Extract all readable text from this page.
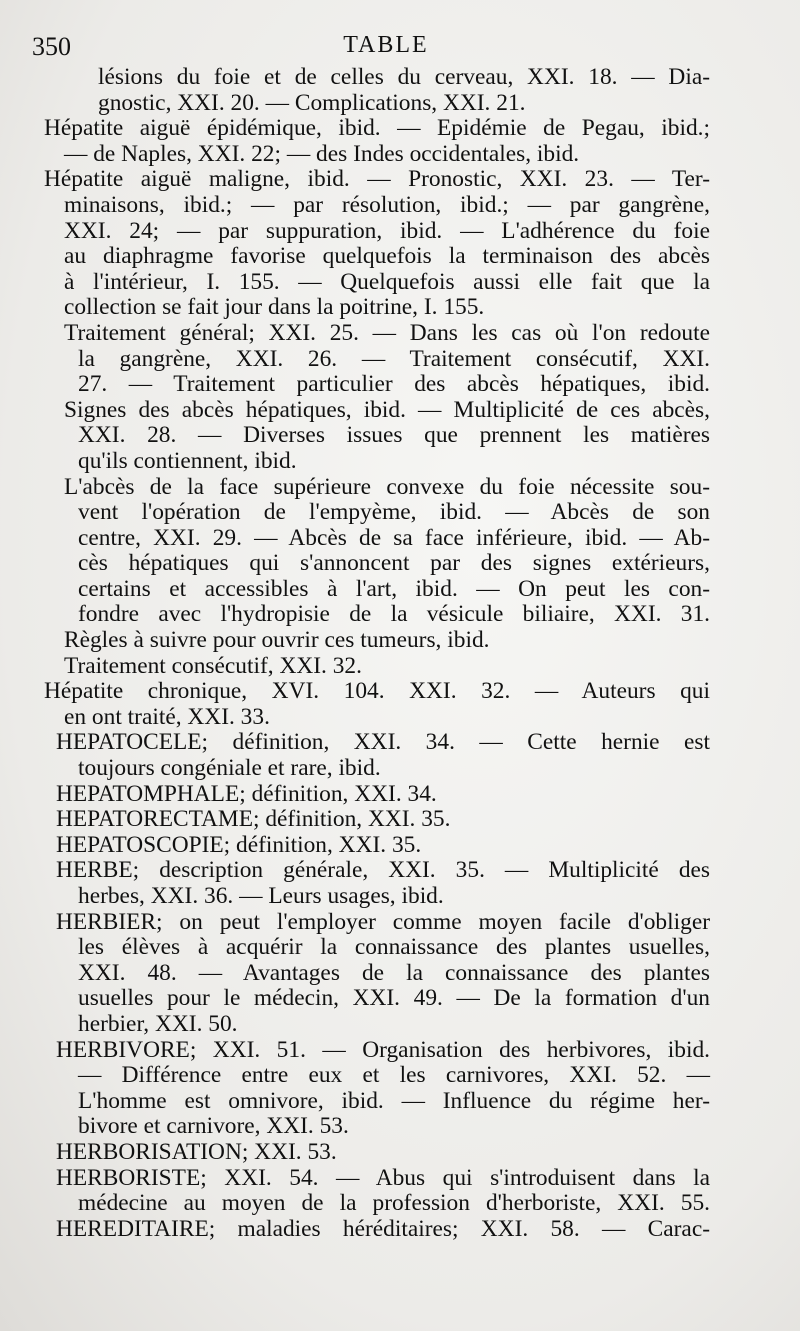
350	TABLE
lésions du foie et de celles du cerveau, XXI. 18. — Dia-
gnostic, XXI. 20. — Complications, XXI. 21.
Hépatite aiguë épidémique, ibid. — Epidémie de Pegau, ibid.;
— de Naples, XXI. 22; — des Indes occidentales, ibid.
Hépatite aiguë maligne, ibid. — Pronostic, XXI. 23. — Ter-
minaisons, ibid.; — par résolution, ibid.; — par gangrène,
XXI. 24; — par suppuration, ibid. — L'adhérence du foie
au diaphragme favorise quelquefois la terminaison des abcès
à l'intérieur, I. 155. — Quelquefois aussi elle fait que la
collection se fait jour dans la poitrine, I. 155.
Traitement général; XXI. 25. — Dans les cas où l'on redoute
la gangrène, XXI. 26. — Traitement consécutif, XXI.
27. — Traitement particulier des abcès hépatiques, ibid.
Signes des abcès hépatiques, ibid. — Multiplicité de ces abcès,
XXI. 28. — Diverses issues que prennent les matières
qu'ils contiennent, ibid.
L'abcès de la face supérieure convexe du foie nécessite sou-
vent l'opération de l'empyème, ibid. — Abcès de son
centre, XXI. 29. — Abcès de sa face inférieure, ibid. — Ab-
cès hépatiques qui s'annoncent par des signes extérieurs,
certains et accessibles à l'art, ibid. — On peut les con-
fondre avec l'hydropisie de la vésicule biliaire, XXI. 31.
Règles à suivre pour ouvrir ces tumeurs, ibid.
Traitement consécutif, XXI. 32.
Hépatite chronique, XVI. 104. XXI. 32. — Auteurs qui
en ont traité, XXI. 33.
HEPATOCELE; définition, XXI. 34. — Cette hernie est
toujours congéniale et rare, ibid.
HEPATOMPHALE; définition, XXI. 34.
HEPATORECTAME; définition, XXI. 35.
HEPATOSCOPIE; définition, XXI. 35.
HERBE; description générale, XXI. 35. — Multiplicité des
herbes, XXI. 36. — Leurs usages, ibid.
HERBIER; on peut l'employer comme moyen facile d'obliger
les élèves à acquérir la connaissance des plantes usuelles,
XXI. 48. — Avantages de la connaissance des plantes
usuelles pour le médecin, XXI. 49. — De la formation d'un
herbier, XXI. 50.
HERBIVORE; XXI. 51. — Organisation des herbivores, ibid.
— Différence entre eux et les carnivores, XXI. 52. —
L'homme est omnivore, ibid. — Influence du régime her-
bivore et carnivore, XXI. 53.
HERBORISATION; XXI. 53.
HERBORISTE; XXI. 54. — Abus qui s'introduisent dans la
médecine au moyen de la profession d'herboriste, XXI. 55.
HEREDITAIRE; maladies héréditaires; XXI. 58. — Carac-
